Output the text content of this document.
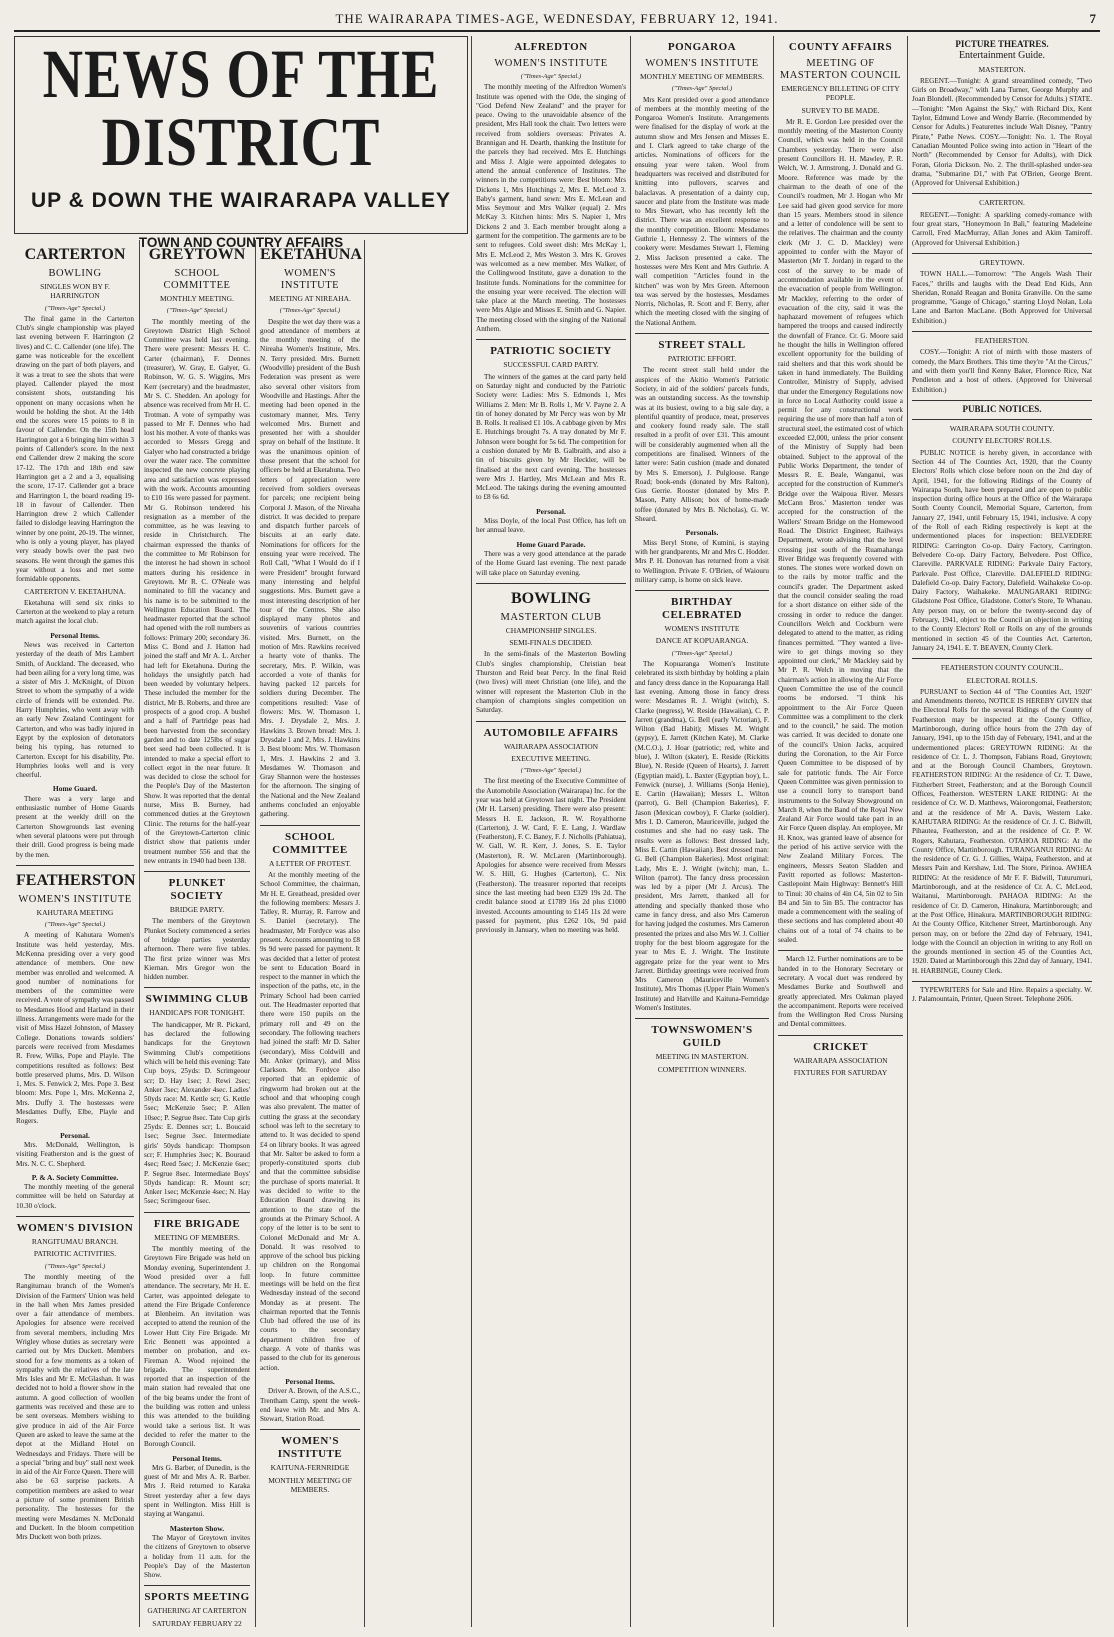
THE WAIRARAPA TIMES-AGE, WEDNESDAY, FEBRUARY 12, 1941.	7
NEWS OF THE DISTRICT
UP & DOWN THE WAIRARAPA VALLEY
TOWN AND COUNTRY AFFAIRS
CARTERTON
BOWLING
SINGLES WON BY F. HARRINGTON
("Times-Age" Special.)

The final game in the Carterton Club's single championship was played last evening between F. Harrington (2 lives) and C. C. Callender (one life). The game was noticeable for the excellent drawing on the part of both players, and it was a treat to see the shots that were played. Callender played the most consistent shots, outstanding his opponent on many occasions when he would be holding the shot. At the 14th end the scores were 15 points to 8 in favour of Callender. On the 15th head Harrington got a 6 bringing him within 3 points of Callender's score. In the next end Callender drew 2 making the score 17-12. The 17th and 18th end saw Harrington get a 2 and a 3, equalising the score, 17-17. Callender got a brace and Harrington 1, the board reading 19-18 in favour of Callender. Then Harrington drew 2 which Callender failed to dislodge leaving Harrington the winner by one point, 20-19. The winner, who is only a young player, has played very steady bowls over the past two seasons. He went through the games this year without a loss and met some formidable opponents.

CARTERTON V. EKETAHUNA.

Eketahuna will send six rinks to Carterton at the weekend to play a return match against the local club.

Personal Items.

News was received in Carterton yesterday of the death of Mrs Lambert Smith, of Auckland. The deceased, who had been ailing for a very long time, was a sister of Mrs J. McKnight, of Dixon Street to whom the sympathy of a wide circle of friends will be extended. Pte. Harry Humphries, who went away with an early New Zealand Contingent for Carterton, and who was badly injured in Egypt by the explosion of detonators being his typing, has returned to Carterton. Except for his disability, Pte. Humphries looks well and is very cheerful.

Home Guard.

There was a very large and enthusiastic number of Home Guards present at the weekly drill on the Carterton Showgrounds last evening when several platoons were put through their drill. Good progress is being made by the men.

FEATHERSTON
WOMEN'S INSTITUTE
KAHUTARA MEETING
("Times-Age" Special.)

A meeting of Kahutara Women's Institute was held yesterday, Mrs. McKenna presiding over a very good attendance of members. One new member was enrolled and welcomed. A good number of nominations for members of the committee were received. A vote of sympathy was passed to Mesdames Hood and Harland in their illness. Arrangements were made for the visit of Miss Hazel Johnston, of Massey College. Donations towards soldiers' parcels were received from Mesdames R. Frew, Wilks, Pope and Playle. The competitions resulted as follows: Best bottle preserved plums, Mrs. D. Wilson 1, Mrs. S. Fenwick 2, Mrs. Pope 3. Best bloom: Mrs. Pope 1, Mrs. McKenna 2, Mrs. Duffy 3. The hostesses were Mesdames Duffy, Elbe, Playle and Rogers.

Personal.

Mrs. McDonald, Wellington, is visiting Featherston and is the guest of Mrs. N. C. C. Shepherd.

P. & A. Society Committee.

The monthly meeting of the general committee will be held on Saturday at 10.30 o'clock.

WOMEN'S DIVISION
RANGITUMAU BRANCH.
PATRIOTIC ACTIVITIES.
("Times-Age" Special.)

The monthly meeting of the Rangitumau branch of the Women's Division of the Farmers' Union was held in the hall when Mrs James presided over a fair attendance of members. Apologies for absence were received from several members, including Mrs Wrigley whose duties as secretary were carried out by Mrs Duckett. Members stood for a few moments as a token of sympathy with the relatives of the late Mrs Isles and Mr E. McGlashan. It was decided not to hold a flower show in the autumn. A good collection of woollen garments was received and these are to be sent overseas. Members wishing to give produce in aid of the Air Force Queen are asked to leave the same at the depot at the Midland Hotel on Wednesdays and Fridays. There will be a special "bring and buy" stall next week in aid of the Air Force Queen. There will also be 63 surprise packets. A competition members are asked to wear a picture of some prominent British personality. The hostesses for the meeting were Mesdames N. McDonald and Duckett. In the bloom competition Mrs Duckett won both prizes.

GREYTOWN
SCHOOL COMMITTEE
MONTHLY MEETING.
("Times-Age" Special.)

The monthly meeting of the Greytown District High School Committee was held last evening. There were present: Messrs H. C. Carter (chairman), F. Dennes (treasurer), W. Gray, E. Galyer, G. Robinson, W. G. S. Wiggins, Mrs Kerr (secretary) and the headmaster, Mr S. C. Shedden. An apology for absence was received from Mr H. C. Trotman. A vote of sympathy was passed to Mr F. Dennes who had lost his mother. A vote of thanks was accorded to Messrs Gregg and Galyer who had constructed a bridge over the water race. The committee inspected the new concrete playing area and satisfaction was expressed with the work. Accounts amounting to £10 16s were passed for payment. Mr G. Robinson tendered his resignation as a member of the committee, as he was leaving to reside in Christchurch. The chairman expressed the thanks of the committee to Mr Robinson for the interest he had shown in school matters during his residence in Greytown. Mr R. C. O'Neale was nominated to fill the vacancy and his name is to be submitted to the Wellington Education Board. The headmaster reported that the school had opened with the roll numbers as follows: Primary 200; secondary 36. Miss C. Bond and J. Hatton had joined the staff and Mr A. L. Archer had left for Eketahuna. During the holidays the unsightly patch had been weeded by voluntary helpers. These included the member for the district, Mr B. Roberts, and three are prospects of a good crop. A bushel and a half of Partridge peas had been harvested from the secondary garden and to date 125lbs of sugar beet seed had been collected. It is intended to make a special effort to collect ergot in the near future. It was decided to close the school for the People's Day of the Masterton Show. It was reported that the dental nurse, Miss B. Burney, had commenced duties at the Greytown Clinic. The returns for the half-year of the Greytown-Carterton clinic district show that patients under treatment number 556 and that the new entrants in 1940 had been 138.

PLUNKET SOCIETY
BRIDGE PARTY.

The members of the Greytown Plunket Society commenced a series of bridge parties yesterday afternoon. There were five tables. The first prize winner was Mrs Kiernan. Mrs Gregor won the hidden number.

SWIMMING CLUB
HANDICAPS FOR TONIGHT.

The handicapper, Mr R. Pickard, has declared the following handicaps for the Greytown Swimming Club's competitions which will be held this evening: Tate Cup boys, 25yds: D. Scrimgeour scr; D. Hay 1sec; J. Rewi 2sec; Anker 3sec; Alexander 4sec. Ladies' 50yds race: M. Kettle scr; G. Kettle 5sec; McKenzie 5sec; P. Allen 10sec; P. Segrue 8sec. Tate Cup girls 25yds: E. Dennes scr; L. Boucaid 1sec; Segrue 3sec. Intermediate girls' 50yds handicap: Thompson scr; F. Humphries 3sec; K. Bouraud 4sec; Reed 5sec; J. McKenzie 6sec; P. Segrue 8sec. Intermediate Boys' 50yds handicap: R. Mount scr; Anker 1sec; McKenzie 4sec; N. Hay 5sec; Scrimgeour 6sec.

FIRE BRIGADE
MEETING OF MEMBERS.

The monthly meeting of the Greytown Fire Brigade was held on Monday evening, Superintendent J. Wood presided over a full attendance. The secretary, Mr H. E. Carter, was appointed delegate to attend the Fire Brigade Conference at Blenheim. An invitation was accepted to attend the reunion of the Lower Hutt City Fire Brigade. Mr Eric Bennett was appointed a member on probation, and ex-Fireman A. Wood rejoined the brigade. The superintendent reported that an inspection of the main station had revealed that one of the big beams under the front of the building was rotten and unless this was attended to the building would take a serious list. It was decided to refer the matter to the Borough Council.

Personal Items.

Mrs G. Barber, of Dunedin, is the guest of Mr and Mrs A. R. Barber. Mrs J. Reid returned to Karaka Street yesterday after a few days spent in Wellington. Miss Hill is staying at Wanganui.

Masterton Show.

The Mayor of Greytown invites the citizens of Greytown to observe a holiday from 11 a.m. for the People's Day of the Masterton Show.

SPORTS MEETING
GATHERING AT CARTERTON
SATURDAY FEBRUARY 22
EKETAHUNA
WOMEN'S INSTITUTE
MEETING AT NIREAHA.
("Times-Age" Special.)

Despite the wet day there was a good attendance of members at the monthly meeting of the Nireaha Women's Institute, Mrs. N. Terry presided. Mrs. Burnett (Woodville) president of the Bush Federation was present as were also several other visitors from Woodville and Hastings. After the meeting had been opened in the customary manner, Mrs. Terry welcomed Mrs. Burnett and presented her with a shoulder spray on behalf of the Institute. It was the unanimous opinion of those present that the school for officers be held at Eketahuna. Two letters of appreciation were received from soldiers overseas for parcels; one recipient being Corporal J. Mason, of the Nireaha district. It was decided to prepare and dispatch further parcels of biscuits at an early date. Nominations for officers for the ensuing year were received. The Roll Call, "What I Would do if I were President" brought forward many interesting and helpful suggestions. Mrs. Burnett gave a most interesting description of her tour of the Centres. She also displayed many photos and souvenirs of various countries visited. Mrs. Burnett, on the motion of Mrs. Rawkins received a hearty vote of thanks. The secretary, Mrs. P. Wilkin, was accorded a vote of thanks for having packed 12 parcels for soldiers during December. The competitions resulted: Vase of flowers: Mrs. W. Thomason 1, Mrs. J. Drysdale 2, Mrs. J. Hawkins 3. Brown bread: Mrs. J. Drysdale 1 and 2, Mrs. J. Hawkins 3. Best bloom: Mrs. W. Thomason 1, Mrs. J. Hawkins 2 and 3. Mesdames W. Thomason and Gray Shannon were the hostesses for the afternoon. The singing of the National and the New Zealand anthems concluded an enjoyable gathering.

SCHOOL COMMITTEE
A LETTER OF PROTEST.

At the monthly meeting of the School Committee, the chairman, Mr H. E. Greathead, presided over the following members: Messrs J. Talley, R. Murray, R. Farrow and S. Daniel (secretary). The headmaster, Mr Fordyce was also present. Accounts amounting to £8 9s 9d were passed for payment. It was decided that a letter of protest be sent to Education Board in respect to the manner in which the inspection of the paths, etc, in the Primary School had been carried out. The Headmaster reported that there were 150 pupils on the primary roll and 49 on the secondary. The following teachers had joined the staff: Mr D. Salter (secondary), Miss Coldwill and Mr. Anker (primary), and Miss Clarkson. Mr. Fordyce also reported that an epidemic of ringworm had broken out at the school and that whooping cough was also prevalent. The matter of cutting the grass at the secondary school was left to the secretary to attend to. It was decided to spend £4 on library books. It was agreed that Mr. Salter be asked to form a properly-constituted sports club and that the committee subsidise the purchase of sports material. It was decided to write to the Education Board drawing its attention to the state of the grounds at the Primary School. A copy of the letter is to be sent to Colonel McDonald and Mr A. Donald. It was resolved to approve of the school bus picking up children on the Rongomai loop. In future committee meetings will be held on the first Wednesday instead of the second Monday as at present. The chairman reported that the Tennis Club had offered the use of its courts to the secondary department children free of charge. A vote of thanks was passed to the club for its generous action.

Personal Items.

Driver A. Brown, of the A.S.C., Trentham Camp, spent the week-end leave with Mr. and Mrs A. Stewart, Station Road.

WOMEN'S INSTITUTE
KAITUNA-FERNRIDGE
MONTHLY MEETING OF MEMBERS.
ALFREDTON
WOMEN'S INSTITUTE
("Times-Age" Special.)

The monthly meeting of the Alfredton Women's Institute was opened with the Ode, the singing of "God Defend New Zealand" and the prayer for peace. Owing to the unavoidable absence of the president, Mrs Hall took the chair. Two letters were received from soldiers overseas: Privates A. Brannigan and H. Dearth, thanking the Institute for the parcels they had received. Mrs E. Hutchings and Miss J. Algie were appointed delegates to attend the annual conference of Institutes. The winners in the competitions were: Best bloom: Mrs Dickens 1, Mrs Hutchings 2, Mrs E. McLeod 3. Baby's garment, hand sewn: Mrs E. McLean and Miss Seymour and Mrs Walker (equal) 2. Mrs McKay 3. Kitchen hints: Mrs S. Napier 1, Mrs Dickens 2 and 3. Each member brought along a garment for the competition. The garments are to be sent to refugees. Cold sweet dish: Mrs McKay 1, Mrs E. McLeod 2, Mrs Weston 3. Mrs K. Groves was welcomed as a new member. Mrs Walker, of the Collingwood Institute, gave a donation to the Institute funds. Nominations for the committee for the ensuing year were received. The election will take place at the March meeting. The hostesses were Mrs Algie and Misses E. Smith and G. Napier. The meeting closed with the singing of the National Anthem.

PATRIOTIC SOCIETY
SUCCESSFUL CARD PARTY.

The winners of the games at the card party held on Saturday night and conducted by the Patriotic Society were: Ladies: Mrs S. Edmonds 1, Mrs Williams 2. Men: Mr B. Rolls 1, Mr V. Payne 2. A tin of honey donated by Mr Percy was won by Mr B. Rolls. It realised £1 10s. A cabbage given by Mrs E. Hutchings brought 7s. A tray donated by Mr F. Johnson were bought for 5s 6d. The competition for a cushion donated by Mr B. Galbraith, and also a tin of biscuits given by Mr Heckler, will be finalised at the next card evening. The hostesses were Mrs J. Hartley, Mrs McLean and Mrs R. McLeod. The takings during the evening amounted to £8 6s 6d.

Personal.

Miss Doyle, of the local Post Office, has left on her annual leave.

Home Guard Parade.

There was a very good attendance at the parade of the Home Guard last evening. The next parade will take place on Saturday evening.

BOWLING
MASTERTON CLUB
CHAMPIONSHIP SINGLES.
SEMI-FINALS DECIDED.

In the semi-finals of the Masterton Bowling Club's singles championship, Christian beat Thurston and Reid beat Percy. In the final Reid (two lives) will meet Christian (one life), and the winner will represent the Masterton Club in the champion of champions singles competition on Saturday.

AUTOMOBILE AFFAIRS
WAIRARAPA ASSOCIATION
EXECUTIVE MEETING.
("Times-Age" Special.)

The first meeting of the Executive Committee of the Automobile Association (Wairarapa) Inc. for the year was held at Greytown last night. The President (Mr H. Larsen) presiding. There were also present: Messrs H. E. Jackson, R. W. Royalthorne (Carterton), J. W. Card, F. E. Lang, J. Wardlaw (Featherston), F. C. Baney, F. J. Nicholls (Pahiatua), W. Gall, W. R. Kerr, J. Jones, S. E. Taylor (Masterton), R. W. McLaren (Martinborough). Apologies for absence were received from Messrs W. S. Hill, G. Hughes (Carterton), C. Nix (Featherston). The treasurer reported that receipts since the last meeting had been £329 19s 2d. The credit balance stood at £1789 16s 2d plus £1000 invested. Accounts amounting to £145 11s 2d were passed for payment, plus £262 10s, 9d paid previously in January, when no meeting was held.

PONGAROA
WOMEN'S INSTITUTE
MONTHLY MEETING OF MEMBERS.
("Times-Age" Special.)

Mrs Kent presided over a good attendance of members at the monthly meeting of the Pongaroa Women's Institute. Arrangements were finalised for the display of work at the autumn show and Mrs Jensen and Misses E. and I. Clark agreed to take charge of the articles. Nominations of officers for the ensuing year were taken. Wool from headquarters was received and distributed for knitting into pullovers, scarves and balaclavas. A presentation of a dainty cup, saucer and plate from the Institute was made to Mrs Stewart, who has recently left the district. There was an excellent response to the monthly competition. Bloom: Mesdames Guthrie 1, Hennessy 2. The winners of the cookery were: Mesdames Stewart 1, Fleming 2. Miss Jackson presented a cake. The hostesses were Mrs Kent and Mrs Guthrie. A wall competition "Articles found in the kitchen" was won by Mrs Green. Afternoon tea was served by the hostesses, Mesdames Norris, Nicholas, R. Scott and F. Berry, after which the meeting closed with the singing of the National Anthem.

STREET STALL
PATRIOTIC EFFORT.

The recent street stall held under the auspices of the Akitio Women's Patriotic Society, in aid of the soldiers' parcels funds, was an outstanding success. As the township was at its busiest, owing to a big sale day, a plentiful quantity of produce, meat, preserves and cookery found ready sale. The stall resulted in a profit of over £31. This amount will be considerably augmented when all the competitions are finalised. Winners of the latter were: Satin cushion (made and donated by Mrs S. Emerson), J. Pulgloose. Range Road; book-ends (donated by Mrs Ralton), Gus Gerrie. Rooster (donated by Mrs P. Mason, Patty Allison; box of home-made toffee (donated by Mrs B. Nicholas), G. W. Sheard.

Personals.

Miss Beryl Stone, of Kumini, is staying with her grandparents, Mr and Mrs C. Hodder. Mrs P. H. Donovan has returned from a visit to Wellington. Private F. O'Brien, of Waiouru military camp, is home on sick leave.

BIRTHDAY CELEBRATED
WOMEN'S INSTITUTE
DANCE AT KOPUARANGA.
("Times-Age" Special.)

The Kopuaranga Women's Institute celebrated its sixth birthday by holding a plain and fancy dress dance in the Kopuaranga Hall last evening. Among those in fancy dress were: Mesdames R. J. Wright (witch), S. Clarke (negress), W. Reside (Hawaiian), C. P. Jarrett (grandma), G. Bell (early Victorian), F. Wilton (Bad Habit); Misses M. Wright (gypsy), E. Jarrett (Kitchen Kate), M. Clarke (M.C.O.), J. Hoar (patriotic; red, white and blue), J. Wilton (skater), E. Reside (Rickitts Blue), N. Reside (Queen of Hearts), J. Jarrett (Egyptian maid), L. Baxter (Egyptian boy), L. Fenwick (nurse), J. Williams (Sonja Henie), E. Cartin (Hawaiian); Messrs L. Wilton (parrot), G. Bell (Champion Bakeries), F. Jason (Mexican cowboy), F. Clarke (soldier). Mrs I. D. Cameron, Mauriceville, judged the costumes and she had no easy task. The results were as follows: Best dressed lady, Miss E. Cartin (Hawaiian). Best dressed man: G. Bell (Champion Bakeries). Most original: Lady, Mrs E. J. Wright (witch); man, L. Wilton (parrot). The fancy dress procession was led by a piper (Mr J. Arcus). The president, Mrs Jarrett, thanked all for attending and specially thanked those who came in fancy dress, and also Mrs Cameron for having judged the costumes. Mrs Cameron presented the prizes and also Mrs W. J. Collier trophy for the best bloom aggregate for the year to Mrs E. J. Wright. The Institute aggregate prize for the year went to Mrs Jarrett. Birthday greetings were received from Mrs Cameron (Mauriceville Women's Institute), Mrs Thomas (Upper Plain Women's Institute) and Hatville and Kaituna-Fernridge Women's Institutes.

TOWNSWOMEN'S GUILD
MEETING IN MASTERTON.
COMPETITION WINNERS.
COUNTY AFFAIRS
MEETING OF MASTERTON COUNCIL
EMERGENCY BILLETING OF CITY PEOPLE.
SURVEY TO BE MADE.

Mr R. E. Gordon Lee presided over the monthly meeting of the Masterton County Council, which was held in the Council Chambers yesterday. There were also present Councillors H. H. Mawley, P. R. Welch, W. J. Armstrong, J. Donald and G. Moore. Reference was made by the chairman to the death of one of the Council's roadmen, Mr J. Hogan who Mr Lee said had given good service for more than 15 years. Members stood in silence and a letter of condolence will be sent to the relatives. The chairman and the county clerk (Mr J. C. D. Mackley) were appointed to confer with the Mayor of Masterton (Mr T. Jordan) in regard to the cost of the survey to be made of accommodation available in the event of the evacuation of people from Wellington. Mr Mackley, referring to the order of evacuation of the city, said it was the haphazard movement of refugees which hampered the troops and caused indirectly the downfall of France. Cr. G. Moore said he thought the hills in Wellington offered excellent opportunity for the building of raid shelters and that this work should be taken in hand immediately. The Building Controller, Ministry of Supply, advised that under the Emergency Regulations now in force no Local Authority could issue a permit for any constructional work requiring the use of more than half a ton of structural steel, the estimated cost of which exceeded £2,000, unless the prior consent of the Ministry of Supply had been obtained. Subject to the approval of the Public Works Department, the tender of Messrs R. E. Beale, Wanganui, was accepted for the construction of Kummer's Bridge over the Waipoua River. Messrs McCann Bros.' Masterton tender was accepted for the construction of the Wallers' Stream Bridge on the Homewood Road. The District Engineer, Railways Department, wrote advising that the level crossing just south of the Ruamahanga River Bridge was frequently covered with stones. The stones were worked down on to the rails by motor traffic and the council's grader. The Department asked that the council consider sealing the road for a short distance on either side of the crossing in order to reduce the danger. Councillors Welch and Cockburn were delegated to attend to the matter, as riding finances permitted. "They wanted a live-wire to get things moving so they appointed our clerk," Mr Mackley said by Mr P. R. Welch in moving that the chairman's action in allowing the Air Force Queen Committee the use of the council rooms be endorsed. "I think his appointment to the Air Force Queen Committee was a compliment to the clerk and to the council," he said. The motion was carried. It was decided to donate one of the council's Union Jacks, acquired during the Coronation, to the Air Force Queen Committee to be disposed of by sale for patriotic funds. The Air Force Queen Committee was given permission to use a council lorry to transport band instruments to the Solway Showground on March 8, when the Band of the Royal New Zealand Air Force would take part in an Air Force Queen display. An employee, Mr H. Knox, was granted leave of absence for the period of his active service with the New Zealand Military Forces. The engineers, Messrs Seaton Sladden and Pavitt reported as follows: Masterton-Castlepoint Main Highway: Bennett's Hill to Tinui: 30 chains of 4in C4, 5in 02 to 5in B4 and 5in to 5in B5. The contractor has made a commencement with the sealing of these sections and has completed about 40 chains out of a total of 74 chains to be sealed.

March 12. Further nominations are to be handed in to the Honorary Secretary or secretary. A vocal duet was rendered by Mesdames Burke and Southwell and greatly appreciated. Mrs Oakman played the accompaniment. Reports were received from the Wellington Red Cross Nursing and Dental committees.

CRICKET
WAIRARAPA ASSOCIATION
FIXTURES FOR SATURDAY
PICTURE THEATRES.
Entertainment Guide.
MASTERTON.

REGENT.—Tonight: A grand streamlined comedy, "Two Girls on Broadway," with Lana Turner, George Murphy and Joan Blondell. (Recommended by Censor for Adults.) STATE.—Tonight: "Men Against the Sky," with Richard Dix, Kent Taylor, Edmund Lowe and Wendy Barrie. (Recommended by Censor for Adults.) Featurettes include Walt Disney, "Pantry Pirate," Pathe News. COSY.—Tonight: No. 1. The Royal Canadian Mounted Police swing into action in "Heart of the North" (Recommended by Censor for Adults), with Dick Foran, Gloria Dickson. No. 2. The thrill-splashed under-sea drama, "Submarine D1," with Pat O'Brien, George Brent. (Approved for Universal Exhibition.)

CARTERTON.

REGENT.—Tonight: A sparkling comedy-romance with four great stars, "Honeymoon In Bali," featuring Madeleine Carroll, Fred MacMurray, Allan Jones and Akim Tamiroff. (Approved for Universal Exhibition.)

GREYTOWN.

TOWN HALL.—Tomorrow: "The Angels Wash Their Faces," thrills and laughs with the Dead End Kids, Ann Sheridan, Ronald Reagan and Bonita Granville. On the same programme, "Gauge of Chicago," starring Lloyd Nolan, Lola Lane and Barton MacLane. (Both Approved for Universal Exhibition.)

FEATHERSTON.

COSY.—Tonight: A riot of mirth with those masters of comedy, the Marx Brothers. This time they're "At the Circus," and with them you'll find Kenny Baker, Florence Rice, Nat Pendleton and a host of others. (Approved for Universal Exhibition.)

PUBLIC NOTICES.
WAIRARAPA SOUTH COUNTY.
COUNTY ELECTORS' ROLLS.

PUBLIC NOTICE is hereby given, in accordance with Section 44 of The Counties Act, 1920, that the County Electors' Rolls which close before noon on the 2nd day of April, 1941, for the following Ridings of the County of Wairarapa South, have been prepared and are open to public inspection during office hours at the Office of the Wairarapa South County Council, Memorial Square, Carterton, from January 27, 1941, until February 15, 1941, inclusive. A copy of the Roll of each Riding respectively is kept at the undermentioned places for inspection: BELVEDERE RIDING: Carrington Co-op. Dairy Factory, Carrington. Belvedere Co-op. Dairy Factory, Belvedere. Post Office, Clareville. PARKVALE RIDING: Parkvale Dairy Factory, Parkvale. Post Office, Clareville. DALEFIELD RIDING: Dalefield Co-op. Dairy Factory, Dalefield. Waihakeke Co-op. Dairy Factory, Waihakeke. MAUNGARAKI RIDING: Gladstone Post Office, Gladstone. Cotter's Store, Te Whanau. Any person may, on or before the twenty-second day of February, 1941, object to the Council an objection in writing to the County Electors' Roll or Rolls on any of the grounds mentioned in section 45 of the Counties Act. Carterton, January 24, 1941. E. T. BEAVEN, County Clerk.

FEATHERSTON COUNTY COUNCIL.
ELECTORAL ROLLS.

PURSUANT to Section 44 of "The Counties Act, 1920" and Amendments thereto, NOTICE IS HEREBY GIVEN that the Electoral Rolls for the several Ridings of the County of Featherston may be inspected at the County Office, Martinborough, during office hours from the 27th day of January, 1941, up to the 15th day of February, 1941, and at the undermentioned places: GREYTOWN RIDING: At the residence of Cr. L. J. Thompson, Fabians Road, Greytown; and at the Borough Council Chambers, Greytown. FEATHERSTON RIDING: At the residence of Cr. T. Dawe, Fitzherbert Street, Featherston; and at the Borough Council Offices, Featherston. WESTERN LAKE RIDING: At the residence of Cr. W. D. Matthews, Waiorongomai, Featherston; and at the residence of Mr A. Davis, Western Lake. KAHUTARA RIDING: At the residence of Cr. J. C. Bidwill, Pihautea, Featherston, and at the residence of Cr. P. W. Rogers, Kahutara, Featherston. OTAHOA RIDING: At the County Office, Martinborough. TURANGANUI RIDING: At the residence of Cr. G. J. Gillies, Waipa, Featherston, and at Messrs Pain and Kershaw, Ltd. The Store, Pirinoa. AWHEA RIDING: At the residence of Mr F. F. Bidwill, Tuturumuri, Martinborough, and at the residence of Cr. A. C. McLeod, Waitanui, Martinborough. PAHAOA RIDING: At the residence of Cr. D. Cameron, Hinakura, Martinborough; and at the Post Office, Hinakura. MARTINBOROUGH RIDING: At the County Office, Kitchener Street, Martinborough. Any person may, on or before the 22nd day of February, 1941, lodge with the Council an objection in writing to any Roll on the grounds mentioned in section 45 of the Counties Act, 1920. Dated at Martinborough this 22nd day of January, 1941. H. HARBINGE, County Clerk.

TYPEWRITERS for Sale and Hire. Repairs a specialty. W. J. Palamountain, Printer, Queen Street. Telephone 2606.
